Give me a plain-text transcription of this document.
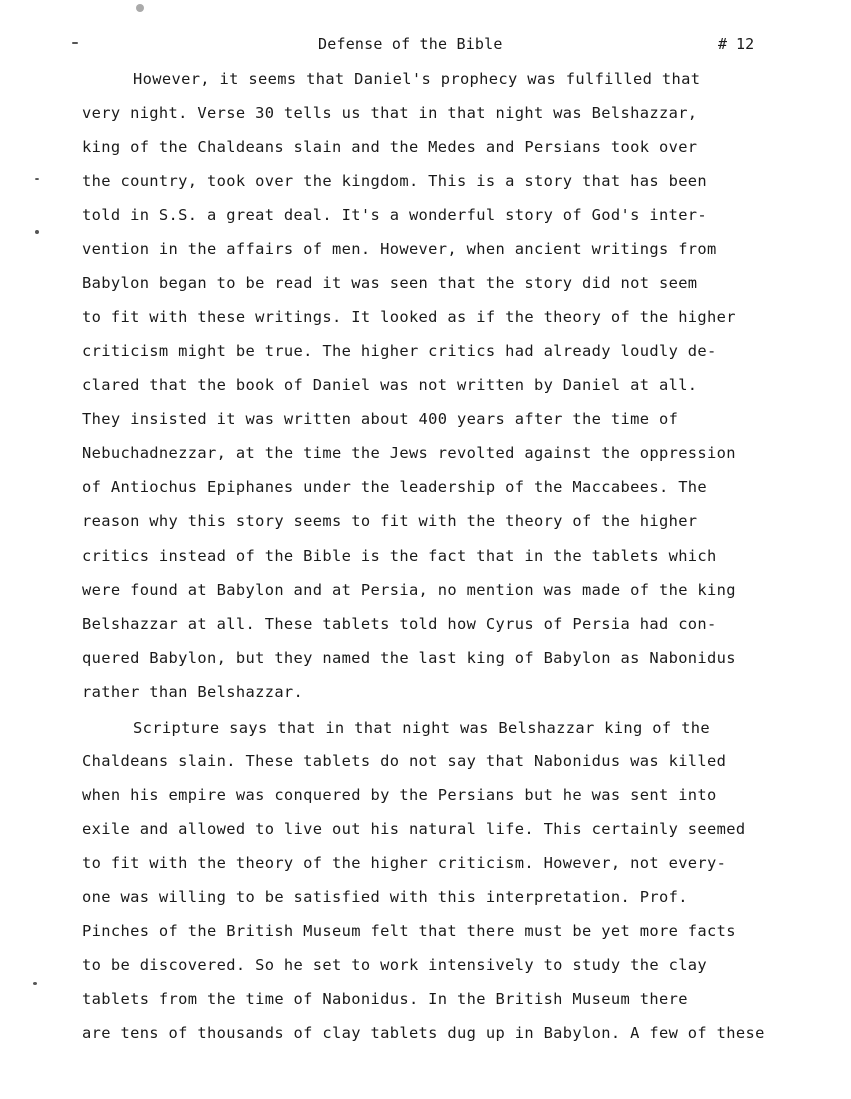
Defense of the Bible	# 12
However, it seems that Daniel's prophecy was fulfilled that
very night. Verse 30 tells us that in that night was Belshazzar,
king of the Chaldeans slain and the Medes and Persians took over
the country, took over the kingdom. This is a story that has been
told in S.S. a great deal. It's a wonderful story of God's inter-
vention in the affairs of men. However, when ancient writings from
Babylon began to be read it was seen that the story did not seem
to fit with these writings. It looked as if the theory of the higher
criticism might be true. The higher critics had already loudly de-
clared that the book of Daniel was not written by Daniel at all.
They insisted it was written about 400 years after the time of
Nebuchadnezzar, at the time the Jews revolted against the oppression
of Antiochus Epiphanes under the leadership of the Maccabees. The
reason why this story seems to fit with the theory of the higher
critics instead of the Bible is the fact that in the tablets which
were found at Babylon and at Persia, no mention was made of the king
Belshazzar at all. These tablets told how Cyrus of Persia had con-
quered Babylon, but they named the last king of Babylon as Nabonidus
rather than Belshazzar.
Scripture says that in that night was Belshazzar king of the
Chaldeans slain. These tablets do not say that Nabonidus was killed
when his empire was conquered by the Persians but he was sent into
exile and allowed to live out his natural life. This certainly seemed
to fit with the theory of the higher criticism. However, not every-
one was willing to be satisfied with this interpretation. Prof.
Pinches of the British Museum felt that there must be yet more facts
to be discovered. So he set to work intensively to study the clay
tablets from the time of Nabonidus. In the British Museum there
are tens of thousands of clay tablets dug up in Babylon. A few of these
